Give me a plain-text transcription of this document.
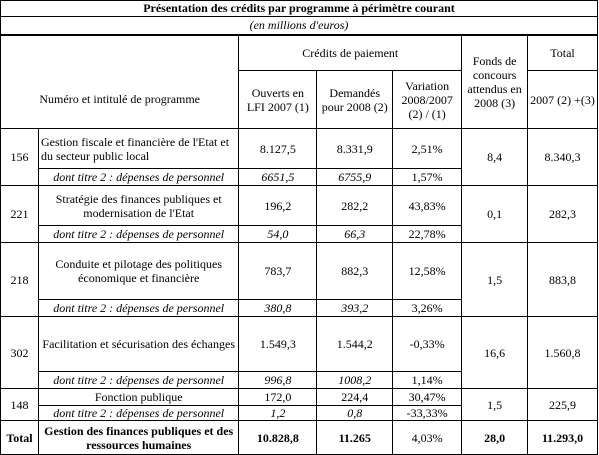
Présentation des crédits par programme à périmètre courant
(en millions d'euros)
		Crédits de paiement			Fonds de concours attendus en 2008 (3)	Total
Numéro et intitulé de programme		Ouverts en LFI 2007 (1)	Demandés pour 2008 (2)	Variation 2008/2007 (2) / (1)		2007 (2) +(3)
156	Gestion fiscale et financière de l'Etat et du secteur public local	8.127,5	8.331,9	2,51%	8,4	8.340,3
	dont titre 2 : dépenses de personnel	6651,5	6755,9	1,57%		
221	Stratégie des finances publiques et modernisation de l'Etat	196,2	282,2	43,83%	0,1	282,3
	dont titre 2 : dépenses de personnel	54,0	66,3	22,78%		
218	Conduite et pilotage des politiques économique et financière	783,7	882,3	12,58%	1,5	883,8
	dont titre 2 : dépenses de personnel	380,8	393,2	3,26%		
302	Facilitation et sécurisation des échanges	1.549,3	1.544,2	-0,33%	16,6	1.560,8
	dont titre 2 : dépenses de personnel	996,8	1008,2	1,14%		
148	Fonction publique	172,0	224,4	30,47%	1,5	225,9
	dont titre 2 : dépenses de personnel	1,2	0,8	-33,33%		
Total	Gestion des finances publiques et des ressources humaines	10.828,8	11.265	4,03%	28,0	11.293,0
